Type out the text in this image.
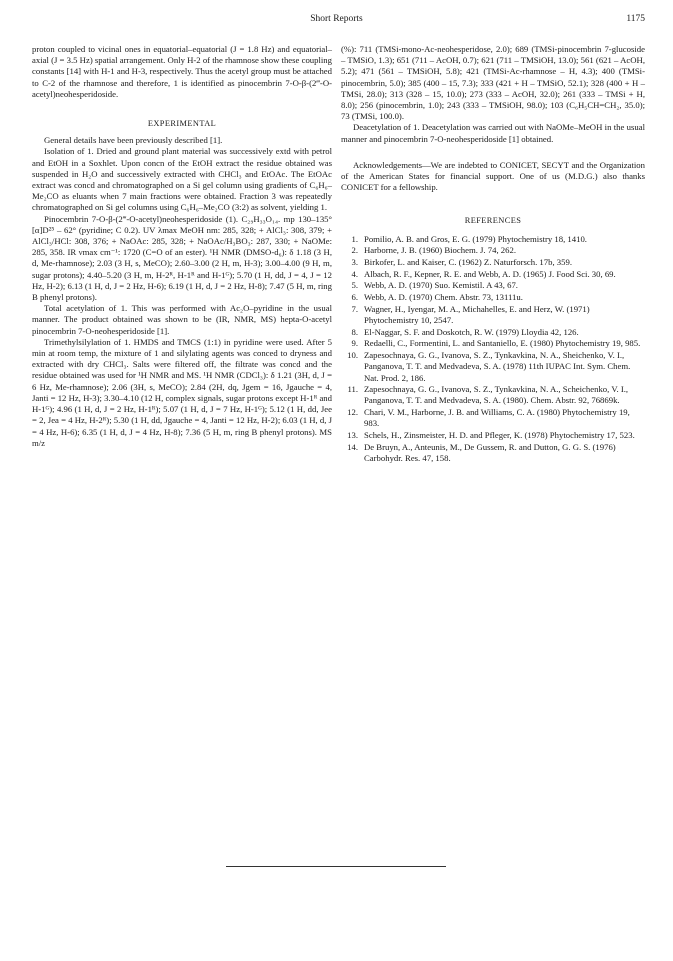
Short Reports	1175

proton coupled to vicinal ones in equatorial–equatorial (J = 1.8 Hz) and equatorial–axial (J = 3.5 Hz) spatial arrangement. Only H-2 of the rhamnose show these coupling constants [14] with H-1 and H-3, respectively. Thus the acetyl group must be attached to C-2 of the rhamnose and therefore, 1 is identified as pinocembrin 7-O-β-(2‴-O-acetyl)neohesperidoside.

EXPERIMENTAL

General details have been previously described [1].

Isolation of 1. Dried and ground plant material was successively extd with petrol and EtOH in a Soxhlet. Upon concn of the EtOH extract the residue obtained was suspended in H₂O and successively extracted with CHCl₃ and EtOAc. The EtOAc extract was concd and chromatographed on a Si gel column using gradients of C₆H₆–Me₂CO as eluants when 7 main fractions were obtained. Fraction 3 was repeatedly chromatographed on Si gel columns using C₆H₆–Me₂CO (3:2) as solvent, yielding 1.

Pinocembrin 7-O-β-(2‴-O-acetyl)neohesperidoside (1). C₂₉H₃₃O₁₄. mp 130–135° [α]D²⁵ – 62° (pyridine; C 0.2). UV λmax MeOH nm: 285, 328; + AlCl₃: 308, 379; + AlCl₃/HCl: 308, 376; + NaOAc: 285, 328; + NaOAc/H₃BO₃: 287, 330; + NaOMe: 285, 358. IR νmax cm⁻¹: 1720 (C=O of an ester). ¹H NMR (DMSO-d₆): δ 1.18 (3 H, d, Me-rhamnose); 2.03 (3 H, s, MeCO); 2.60–3.00 (2 H, m, H-3); 3.00–4.00 (9 H, m, sugar protons); 4.40–5.20 (3 H, m, H-2ᴿ, H-1ᴿ and H-1ᴳ); 5.70 (1 H, dd, J = 4, J = 12 Hz, H-2); 6.13 (1 H, d, J = 2 Hz, H-6); 6.19 (1 H, d, J = 2 Hz, H-8); 7.47 (5 H, m, ring B phenyl protons).

Total acetylation of 1. This was performed with Ac₂O–pyridine in the usual manner. The product obtained was shown to be (IR, NMR, MS) hepta-O-acetyl pinocembrin 7-O-neohesperidoside [1].

Trimethylsilylation of 1. HMDS and TMCS (1:1) in pyridine were used. After 5 min at room temp, the mixture of 1 and silylating agents was conced to dryness and extracted with dry CHCl₃. Salts were filtered off, the filtrate was concd and the residue obtained was used for ¹H NMR and MS. ¹H NMR (CDCl₃): δ 1.21 (3H, d, J = 6 Hz, Me-rhamnose); 2.06 (3H, s, MeCO); 2.84 (2H, dq, Jgem = 16, Jgauche = 4, Janti = 12 Hz, H-3); 3.30–4.10 (12 H, complex signals, sugar protons except H-1ᴿ and H-1ᴳ); 4.96 (1 H, d, J = 2 Hz, H-1ᴿ); 5.07 (1 H, d, J = 7 Hz, H-1ᴳ); 5.12 (1 H, dd, Jee = 2, Jea = 4 Hz, H-2ᴿ); 5.30 (1 H, dd, Jgauche = 4, Janti = 12 Hz, H-2); 6.03 (1 H, d, J = 4 Hz, H-6); 6.35 (1 H, d, J = 4 Hz, H-8); 7.36 (5 H, m, ring B phenyl protons). MS m/z

(%): 711 (TMSi-mono-Ac-neohesperidose, 2.0); 689 (TMSi-pinocembrin 7-glucoside – TMSiO, 1.3); 651 (711 – AcOH, 0.7); 621 (711 – TMSiOH, 13.0); 561 (621 – AcOH, 5.2); 471 (561 – TMSiOH, 5.8); 421 (TMSi-Ac-rhamnose – H, 4.3); 400 (TMSi-pinocembrin, 5.0); 385 (400 – 15, 7.3); 333 (421 + H – TMSiO, 52.1); 328 (400 + H – TMSi, 28.0); 313 (328 – 15, 10.0); 273 (333 – AcOH, 32.0); 261 (333 – TMSi + H, 8.0); 256 (pinocembrin, 1.0); 243 (333 – TMSiOH, 98.0); 103 (C₆H₅CH=CH₂, 35.0); 73 (TMSi, 100.0).

Deacetylation of 1. Deacetylation was carried out with NaOMe–MeOH in the usual manner and pinocembrin 7-O-neohesperidoside [1] obtained.

Acknowledgements—We are indebted to CONICET, SECYT and the Organization of the American States for financial support. One of us (M.D.G.) also thanks CONICET for a fellowship.

REFERENCES
1. Pomilio, A. B. and Gros, E. G. (1979) Phytochemistry 18, 1410.
2. Harborne, J. B. (1960) Biochem. J. 74, 262.
3. Birkofer, L. and Kaiser, C. (1962) Z. Naturforsch. 17b, 359.
4. Albach, R. F., Kepner, R. E. and Webb, A. D. (1965) J. Food Sci. 30, 69.
5. Webb, A. D. (1970) Suo. Kemistil. A 43, 67.
6. Webb, A. D. (1970) Chem. Abstr. 73, 13111u.
7. Wagner, H., Iyengar, M. A., Michahelles, E. and Herz, W. (1971) Phytochemistry 10, 2547.
8. El-Naggar, S. F. and Doskotch, R. W. (1979) Lloydia 42, 126.
9. Redaelli, C., Formentini, L. and Santaniello, E. (1980) Phytochemistry 19, 985.
10. Zapesochnaya, G. G., Ivanova, S. Z., Tynkavkina, N. A., Sheichenko, V. I., Panganova, T. T. and Medvadeva, S. A. (1978) 11th IUPAC Int. Sym. Chem. Nat. Prod. 2, 186.
11. Zapesochnaya, G. G., Ivanova, S. Z., Tynkavkina, N. A., Scheichenko, V. I., Panganova, T. T. and Medvadeva, S. A. (1980). Chem. Abstr. 92, 76869k.
12. Chari, V. M., Harborne, J. B. and Williams, C. A. (1980) Phytochemistry 19, 983.
13. Schels, H., Zinsmeister, H. D. and Pfleger, K. (1978) Phytochemistry 17, 523.
14. De Bruyn, A., Anteunis, M., De Gussem, R. and Dutton, G. G. S. (1976) Carbohydr. Res. 47, 158.
